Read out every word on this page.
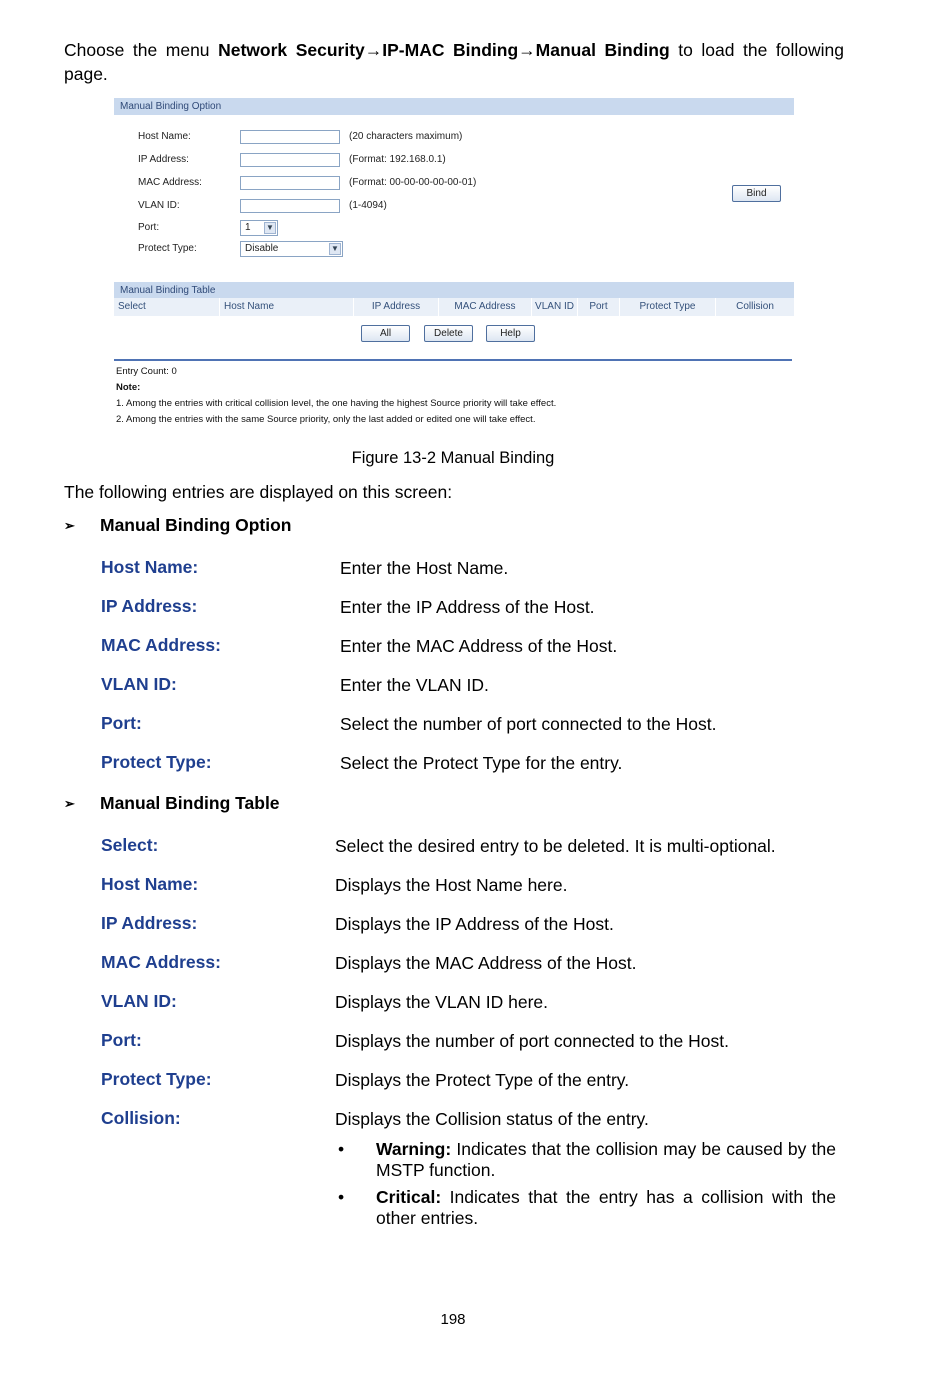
Choose the menu Network Security→IP-MAC Binding→Manual Binding to load the following page.
Manual Binding Option
Host Name:	(20 characters maximum)
IP Address:	(Format: 192.168.0.1)
MAC Address:	(Format: 00-00-00-00-00-01)
VLAN ID:	(1-4094)
Port:	1 ▼
Protect Type:	Disable	▼
Bind
Manual Binding Table
Select	Host Name	IP Address	MAC Address	VLAN ID	Port	Protect Type	Collision
All	Delete	Help
Entry Count: 0
Note:
1. Among the entries with critical collision level, the one having the highest Source priority will take effect.
2. Among the entries with the same Source priority, only the last added or edited one will take effect.
Figure 13-2 Manual Binding
The following entries are displayed on this screen:
➢ Manual Binding Option
Host Name:	Enter the Host Name.
IP Address:	Enter the IP Address of the Host.
MAC Address:	Enter the MAC Address of the Host.
VLAN ID:	Enter the VLAN ID.
Port:	Select the number of port connected to the Host.
Protect Type:	Select the Protect Type for the entry.
➢ Manual Binding Table
Select:	Select the desired entry to be deleted. It is multi-optional.
Host Name:	Displays the Host Name here.
IP Address:	Displays the IP Address of the Host.
MAC Address:	Displays the MAC Address of the Host.
VLAN ID:	Displays the VLAN ID here.
Port:	Displays the number of port connected to the Host.
Protect Type:	Displays the Protect Type of the entry.
Collision:	Displays the Collision status of the entry.
•	Warning: Indicates that the collision may be caused by the MSTP function.
•	Critical: Indicates that the entry has a collision with the other entries.
198
